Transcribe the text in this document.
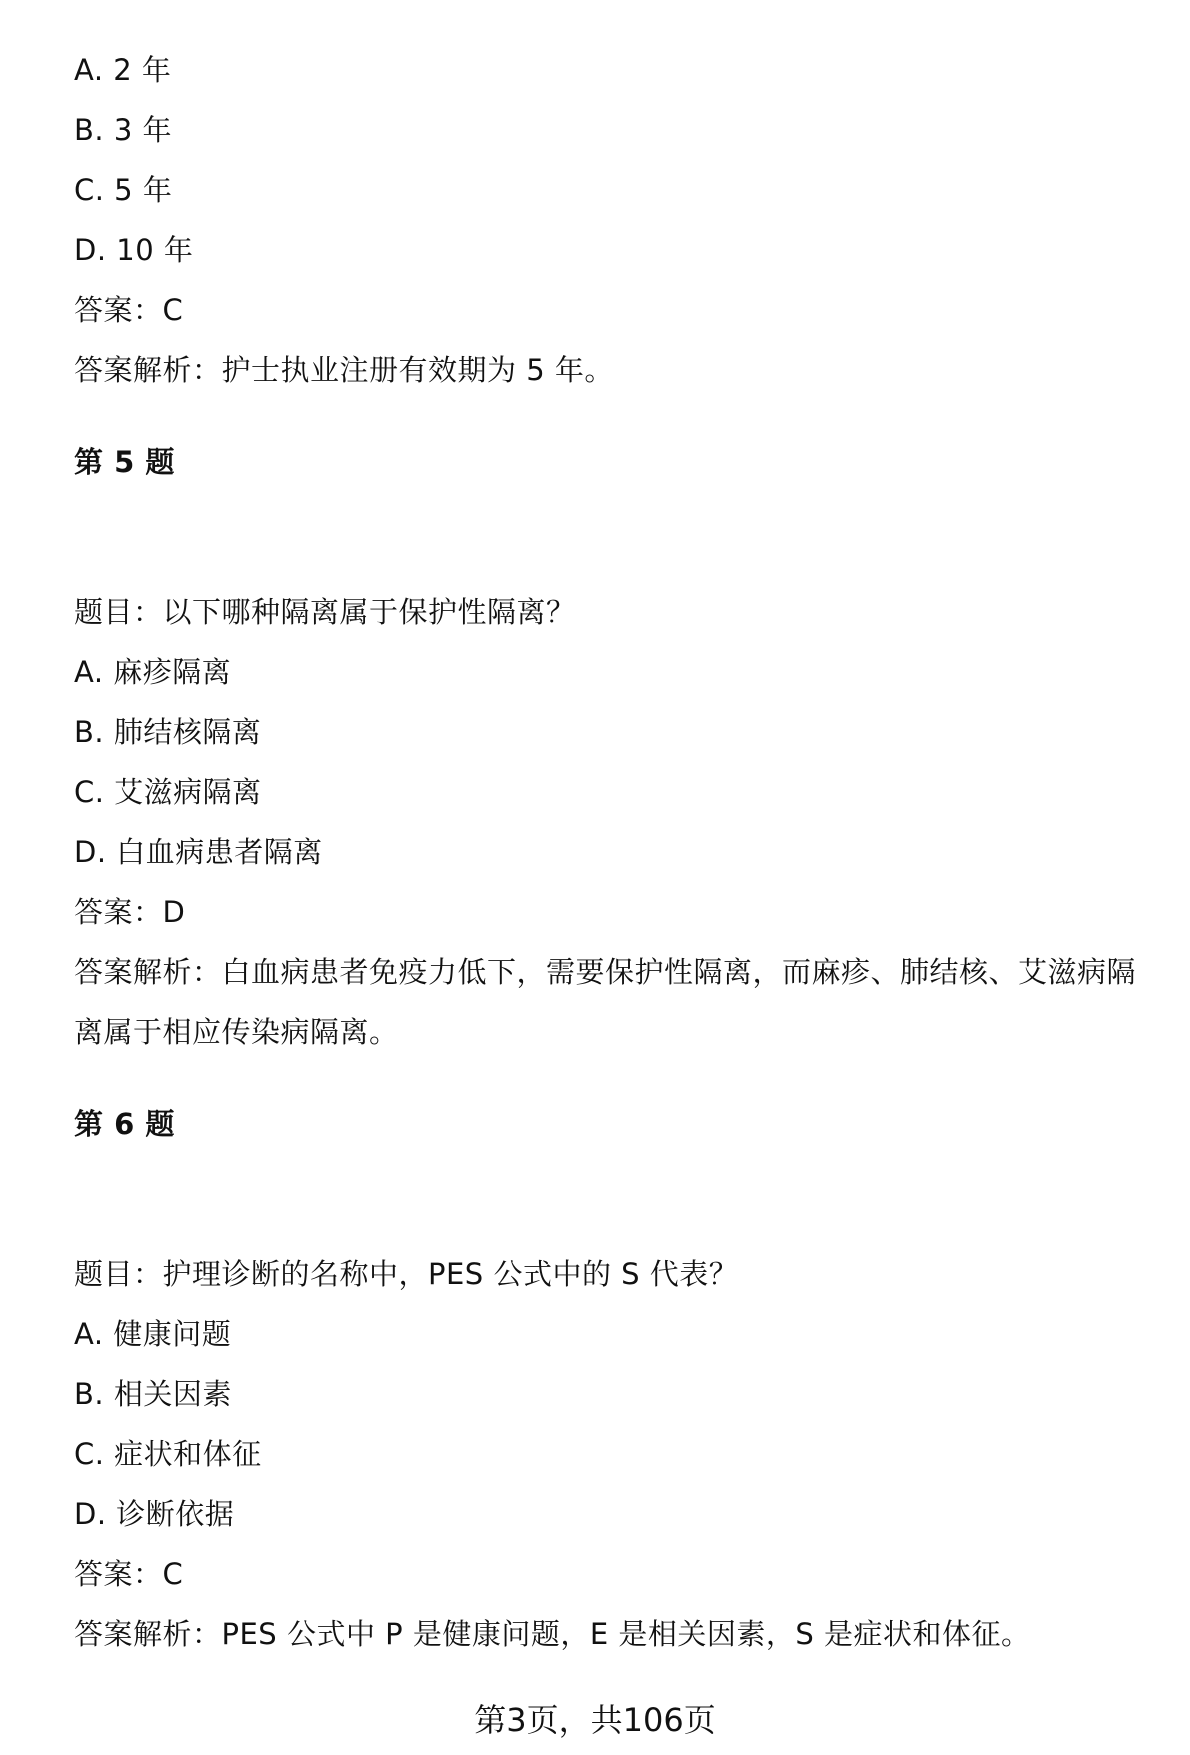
A. 2 年
B. 3 年
C. 5 年
D. 10 年
答案：C
答案解析：护士执业注册有效期为 5 年。
第 5 题
题目：以下哪种隔离属于保护性隔离？
A. 麻疹隔离
B. 肺结核隔离
C. 艾滋病隔离
D. 白血病患者隔离
答案：D
答案解析：白血病患者免疫力低下，需要保护性隔离，而麻疹、肺结核、艾滋病隔
离属于相应传染病隔离。
第 6 题
题目：护理诊断的名称中，PES 公式中的 S 代表？
A. 健康问题
B. 相关因素
C. 症状和体征
D. 诊断依据
答案：C
答案解析：PES 公式中 P 是健康问题，E 是相关因素，S 是症状和体征。
第3页，共106页
